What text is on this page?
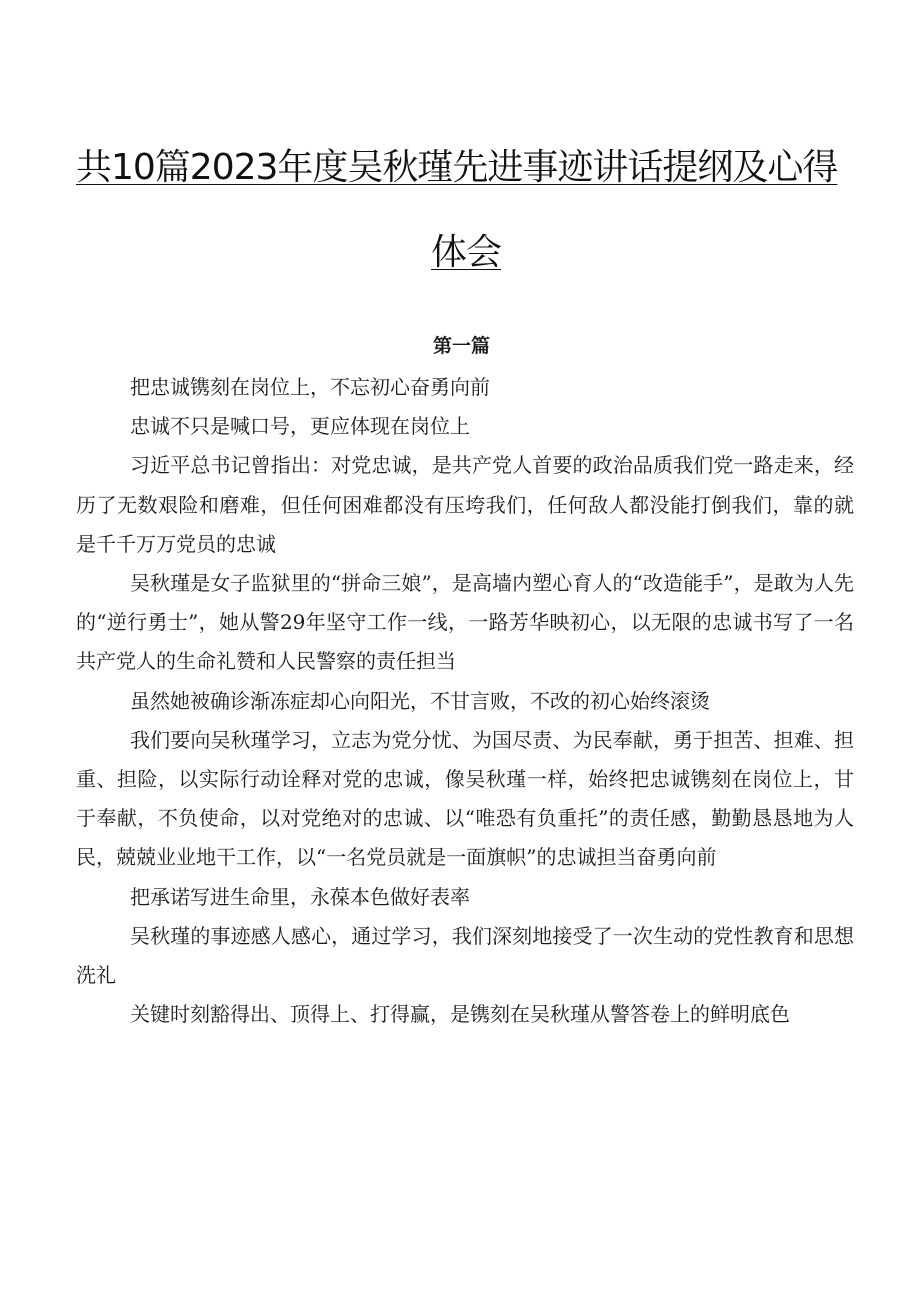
共10篇2023年度吴秋瑾先进事迹讲话提纲及心得
体会
第一篇

把忠诚镌刻在岗位上，不忘初心奋勇向前

忠诚不只是喊口号，更应体现在岗位上

习近平总书记曾指出：对党忠诚，是共产党人首要的政治品质我们党一路走来，经历了无数艰险和磨难，但任何困难都没有压垮我们，任何敌人都没能打倒我们，靠的就是千千万万党员的忠诚

吴秋瑾是女子监狱里的“拼命三娘”，是高墙内塑心育人的“改造能手”，是敢为人先的“逆行勇士”，她从警29年坚守工作一线，一路芳华映初心，以无限的忠诚书写了一名共产党人的生命礼赞和人民警察的责任担当

虽然她被确诊渐冻症却心向阳光，不甘言败，不改的初心始终滚烫

我们要向吴秋瑾学习，立志为党分忧、为国尽责、为民奉献，勇于担苦、担难、担重、担险，以实际行动诠释对党的忠诚，像吴秋瑾一样，始终把忠诚镌刻在岗位上，甘于奉献，不负使命，以对党绝对的忠诚、以“唯恐有负重托”的责任感，勤勤恳恳地为人民，兢兢业业地干工作，以“一名党员就是一面旗帜”的忠诚担当奋勇向前

把承诺写进生命里，永葆本色做好表率

吴秋瑾的事迹感人感心，通过学习，我们深刻地接受了一次生动的党性教育和思想洗礼

关键时刻豁得出、顶得上、打得赢，是镌刻在吴秋瑾从警答卷上的鲜明底色
